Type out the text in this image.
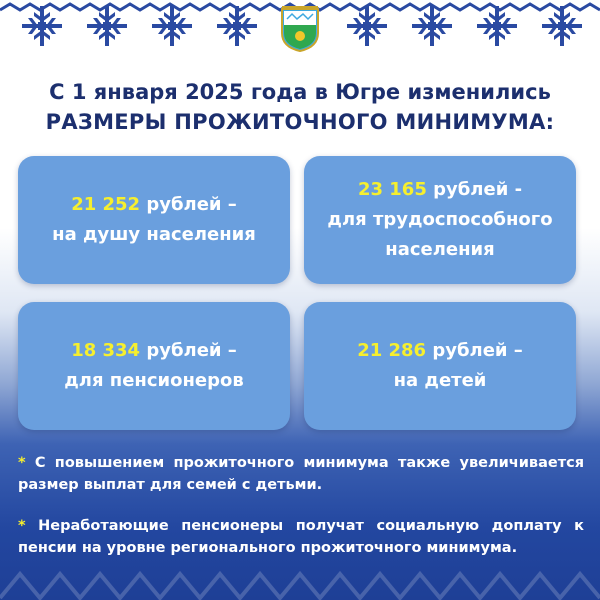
С 1 января 2025 года в Югре изменились
РАЗМЕРЫ ПРОЖИТОЧНОГО МИНИМУМА:
21 252 рублей –
на душу населения
23 165 рублей -
для трудоспособного
населения
18 334 рублей –
для пенсионеров
21 286 рублей –
на детей
* С повышением прожиточного минимума также увеличивается размер выплат для семей с детьми.
* Неработающие пенсионеры получат социальную доплату к пенсии на уровне регионального прожиточного минимума.
